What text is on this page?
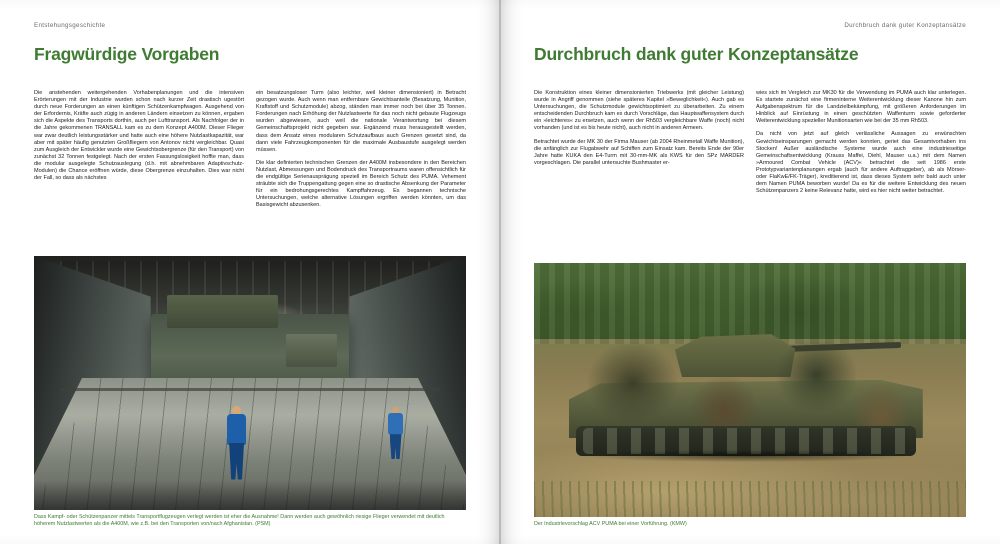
Entstehungsgeschichte
Fragwürdige Vorgaben

Die anstehenden weitergehenden Vorhabenplanungen und die intensiven Erörterungen mit der Industrie wurden schon nach kurzer Zeit drastisch ugestört durch neue Forderungen an einen künftigen Schützenkampfwagen. Ausgehend von der Erfordernis, Kräfte auch zügig in anderen Ländern einsetzen zu können, ergaben sich die Aspekte des Transports dorthin, auch per Lufttransport. Als Nachfolger der in die Jahre gekommenen TRANSALL kam es zu dem Konzept A400M. Dieser Flieger war zwar deutlich leistungsstärker und hatte auch eine höhere Nutzlastkapazität, war aber mit später häufig genutzten Großfliegern von Antonov nicht vergleichbar. Quasi zum Ausgleich der Entwickler wurde eine Gewichtsobergrenze (für den Transport) von zunächst 32 Tonnen festgelegt. Nach der ersten Fassungslosigkeit hoffte man, dass die modular ausgelegte Schutzauslegung (d.h. mit abnehmbaren Adaptivschutz-Modulen) die Chance eröffnen würde, diese Obergrenze einzuhalten. Dies war nicht der Fall, so dass als nächstes

ein besatzungsloser Turm (also leichter, weil kleiner dimensioniert) in Betracht gezogen wurde. Auch wenn man entfernbare Gewichtsanteile (Besatzung, Munition, Kraftstoff und Schutzmodule) abzog, ständen man immer noch bei über 35 Tonnen. Forderungen nach Erhöhung der Nutzlastwerte für das noch nicht gebaute Flugzeugs wurden abgewiesen, auch weil die nationale Verantwortung bei diesem Gemeinschaftsprojekt nicht gegeben war. Ergänzend muss herausgestellt werden, dass dem Ansatz eines modularen Schutzaufbaus auch Grenzen gesetzt sind, da dann viele Fahrzeugkomponenten für die maximale Ausbaustufe ausgelegt werden müssen.

Die klar definierten technischen Grenzen der A400M insbesondere in den Bereichen Nutzlast, Abmessungen und Bodendruck des Transportraums waren offensichtlich für die endgültige Serienausprägung speziell im Bereich Schutz des PUMA. Vehement sträubte sich die Truppengattung gegen eine so drastische Absenkung der Parameter für ein bedrohungsgerechtes Kampffahrzeug. Es begannen technische Untersuchungen, welche alternative Lösungen ergriffen werden könnten, um das Basisgewicht abzusenken.

Dass Kampf- oder Schützenpanzer mittels Transportflugzeugen verlegt werden ist eher die Ausnahme! Dann werden auch gewöhnlich riesige Flieger verwendet mit deutlich höherem Nutzlastwerten als die A400M, wie z.B. bei den Transporten von/nach Afghanistan. (PSM)
Durchbruch dank guter Konzeptansätze
Durchbruch dank guter Konzeptansätze

Die Konstruktion eines kleiner dimensionierten Triebwerks (mit gleicher Leistung) wurde in Angriff genommen (siehe späteres Kapitel »Beweglichkeit«). Auch gab es Untersuchungen, die Schutzmodule gewichtsoptimiert zu überarbeiten. Zu einem entscheidenden Durchbruch kam es durch Vorschläge, das Hauptwaffensystem durch ein »leichteres« zu ersetzen, auch wenn der Rh503 vergleichbare Waffe (noch) nicht vorhanden (und ist es bis heute nicht), auch nicht in anderen Armeen.

Betrachtet wurde der MK 30 der Firma Mauser (ab 2004 Rheinmetall Waffe Munition), die anfänglich zur Flugabwehr auf Schiffen zum Einsatz kam. Bereits Ende der 90er Jahre hatte KUKA den E4-Turm mit 30-mm-MK als KWS für den SPz MARDER vorgeschlagen. Die parallel untersuchte Bushmaster er-

wies sich im Vergleich zur MK30 für die Verwendung im PUMA auch klar unterlegen. Es startete zunächst eine firmeninterne Weiterentwicklung dieser Kanone hin zum Aufgabenspektrum für die Landzielbekämpfung, mit größeren Anforderungen im Hinblick auf Einrüstung in einen geschützten Waffenturm sowie geforderter Weiterentwicklung spezieller Munitionsarten wie bei der 35 mm Rh503.

Da nicht von jetzt auf gleich verlässliche Aussagen zu erwünschten Gewichtseinsparungen gemacht werden konnten, geriet das Gesamtvorhaben ins Stocken! Außer ausländische Systeme wurde auch eine industrieseitige Gemeinschaftsentwicklung (Krauss Maffei, Diehl, Mauser u.a.) mit dem Namen »Armoured Combat Vehicle (ACV)« betrachtet die seit 1986 erste Prototypvariantenplanungen ergab (auch für andere Auftraggeber), ab als Mörser- oder FlaKwE/FK-Träger), kreditierend ist, dass dieses System sehr bald auch unter dem Namen PUMA beworben wurde! Da es für die weitere Entwicklung des neuen Schützenpanzers 2 keine Relevanz hatte, wird es hier nicht weiter betrachtet.

Der Industrievorschlag ACV PUMA bei einer Vorführung. (KMW)
